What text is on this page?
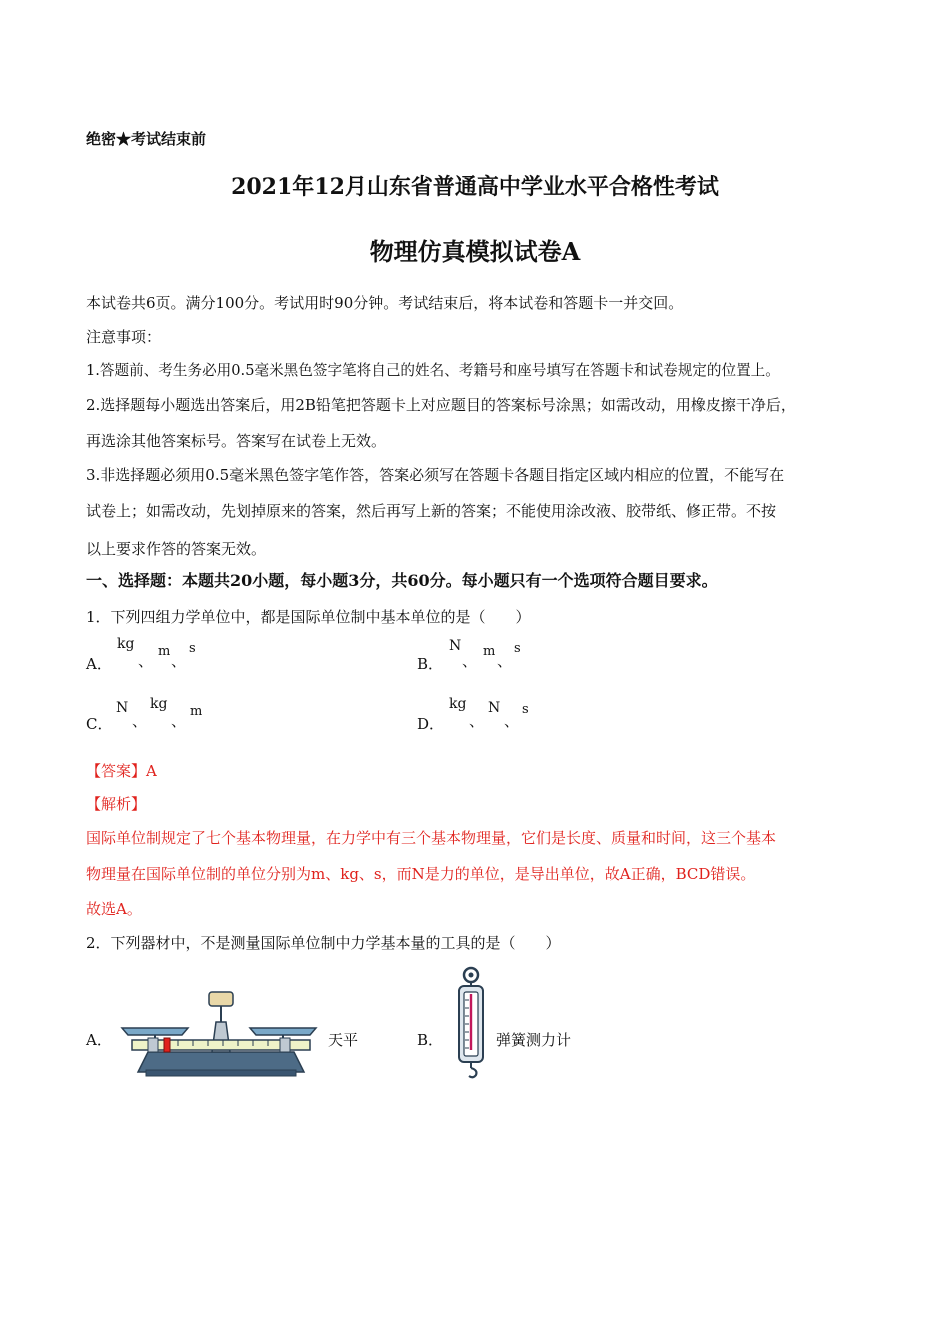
绝密★考试结束前
2021年12月山东省普通高中学业水平合格性考试
物理仿真模拟试卷A
本试卷共6页。满分100分。考试用时90分钟。考试结束后，将本试卷和答题卡一并交回。
注意事项：
1.答题前、考生务必用0.5毫米黑色签字笔将自己的姓名、考籍号和座号填写在答题卡和试卷规定的位置上。
2.选择题每小题选出答案后，用2B铅笔把答题卡上对应题目的答案标号涂黑；如需改动，用橡皮擦干净后，
再选涂其他答案标号。答案写在试卷上无效。
3.非选择题必须用0.5毫米黑色签字笔作答，答案必须写在答题卡各题目指定区域内相应的位置，不能写在
试卷上；如需改动，先划掉原来的答案，然后再写上新的答案；不能使用涂改液、胶带纸、修正带。不按
以上要求作答的答案无效。
一、选择题：本题共20小题，每小题3分，共60分。每小题只有一个选项符合题目要求。
1．下列四组力学单位中，都是国际单位制中基本单位的是（　　）
A．
kg
、
m
、
s
B．
N
、
m
、
s
C．
N
、
kg
、
m
D．
kg
、
N
、
s
【答案】A
【解析】
国际单位制规定了七个基本物理量，在力学中有三个基本物理量，它们是长度、质量和时间，这三个基本
物理量在国际单位制的单位分别为m、kg、s，而N是力的单位，是导出单位，故A正确，BCD错误。
故选A。
2．下列器材中，不是测量国际单位制中力学基本量的工具的是（　　）
A．	天平	B．	弹簧测力计
